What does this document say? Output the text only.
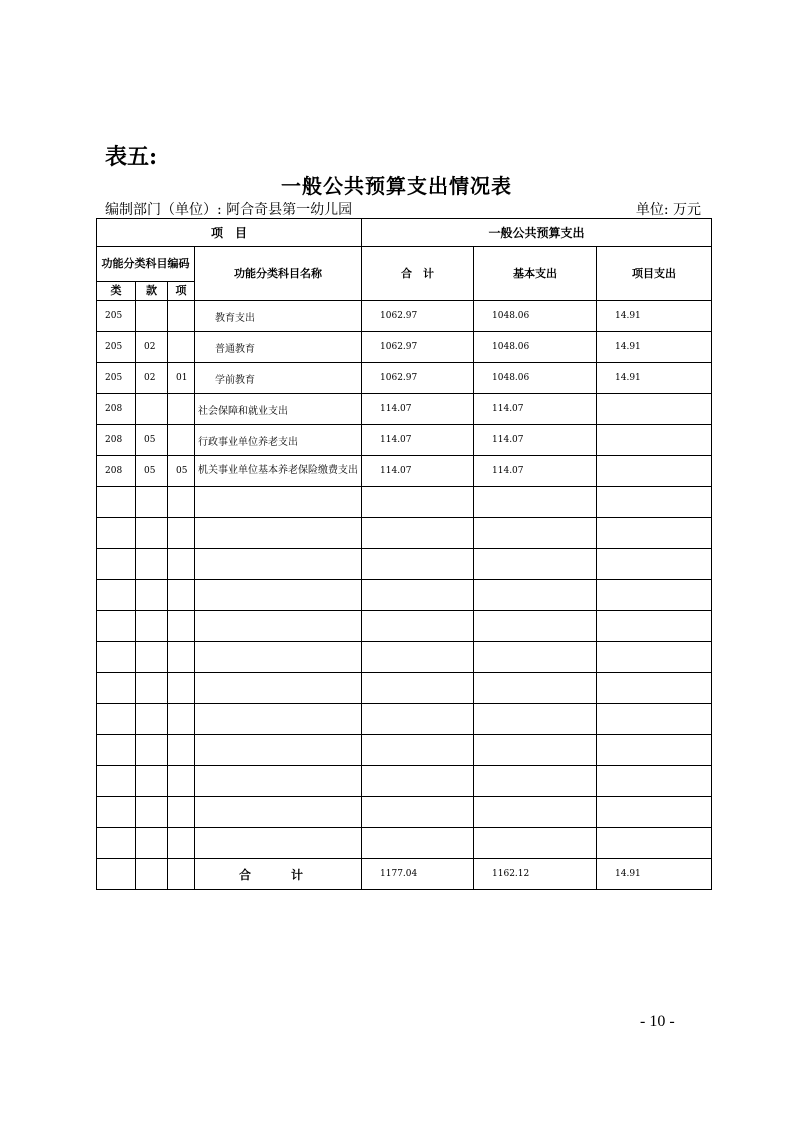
表五:
一般公共预算支出情况表
编制部门（单位）: 阿合奇县第一幼儿园	单位: 万元
项　目				一般公共预算支出		
功能分类科目编码			功能分类科目名称	合　计	基本支出	项目支出
类	款	项				
205			教育支出	1062.97	1048.06	14.91
205	02		普通教育	1062.97	1048.06	14.91
205	02	01	学前教育	1062.97	1048.06	14.91
208			社会保障和就业支出	114.07	114.07	
208	05		行政事业单位养老支出	114.07	114.07	
208	05	05	机关事业单位基本养老保险缴费支出	114.07	114.07	

			合　计	1177.04	1162.12	14.91
- 10 -
